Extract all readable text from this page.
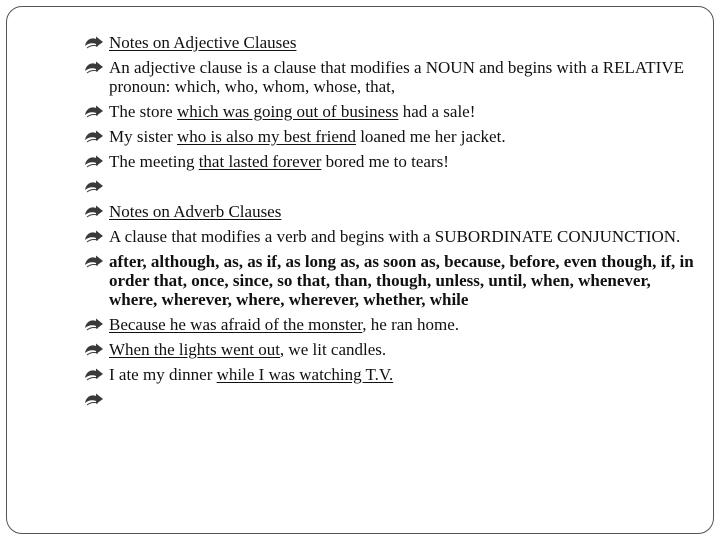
Notes on Adjective Clauses
An adjective clause is a clause that modifies a NOUN and begins with a RELATIVE pronoun: which, who, whom, whose, that,
The store which was going out of business had a sale!
My sister who is also my best friend loaned me her jacket.
The meeting that lasted forever bored me to tears!
Notes on Adverb Clauses
A clause that modifies a verb and begins with a SUBORDINATE CONJUNCTION.
after, although, as, as if, as long as, as soon as, because, before, even though, if, in order that, once, since, so that, than, though, unless, until, when, whenever, where, wherever, where, wherever, whether, while
Because he was afraid of the monster, he ran home.
When the lights went out, we lit candles.
I ate my dinner while I was watching T.V.
